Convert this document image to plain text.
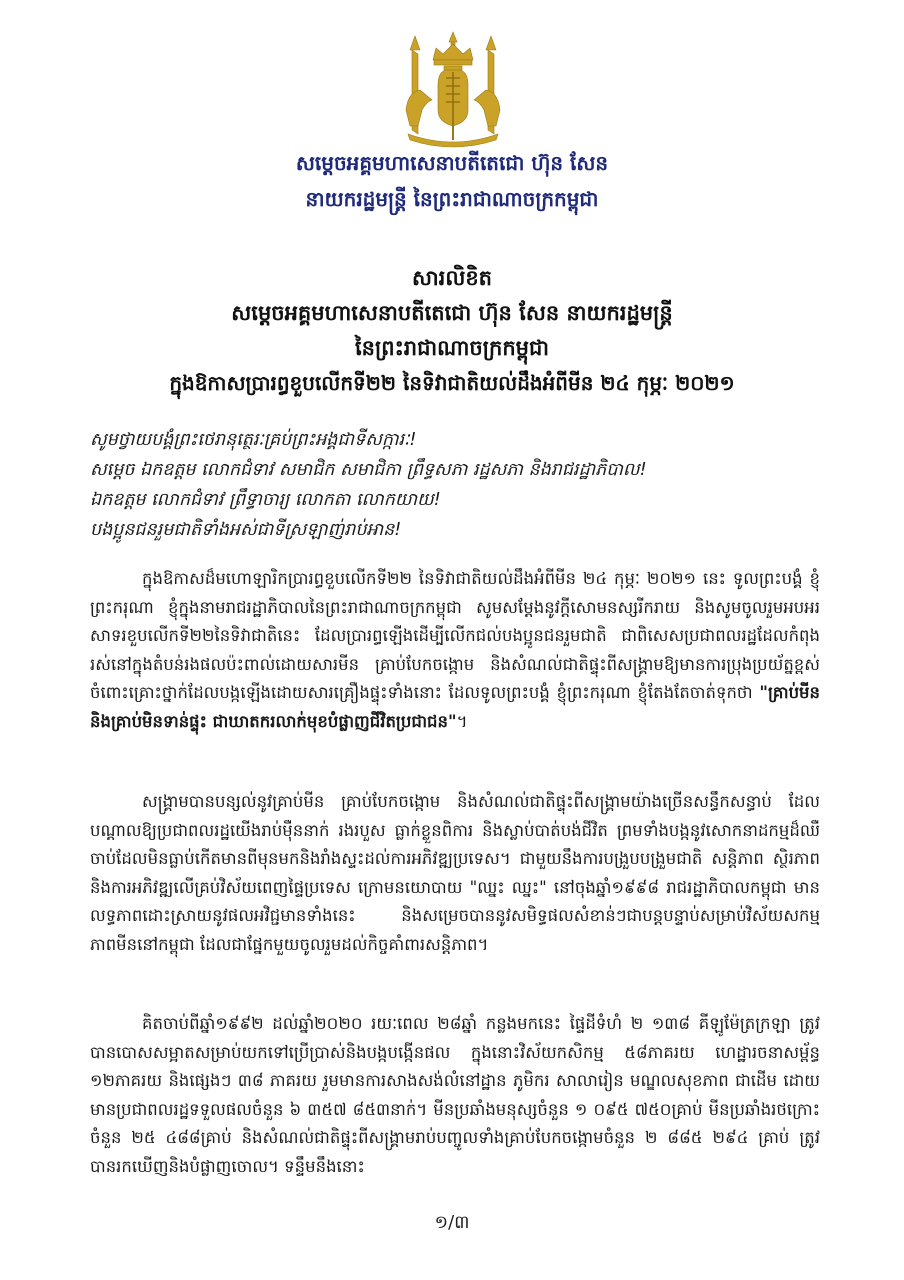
សម្តេចអគ្គមហាសេនាបតីតេជោ ហ៊ុន សែន
នាយករដ្ឋមន្ត្រី នៃព្រះរាជាណាចក្រកម្ពុជា
សារលិខិត
សម្តេចអគ្គមហាសេនាបតីតេជោ ហ៊ុន សែន នាយករដ្ឋមន្ត្រី
នៃព្រះរាជាណាចក្រកម្ពុជា
ក្នុងឱកាសប្រារព្ធខួបលើកទី២២ នៃទិវាជាតិយល់ដឹងអំពីមីន ២៤ កុម្ភៈ ២០២១
សូមថ្វាយបង្គំព្រះថេរានុត្ថេរៈគ្រប់ព្រះអង្គជាទីសក្ការៈ!
សម្តេច ឯកឧត្តម លោកជំទាវ សមាជិក សមាជិកា ព្រឹទ្ធសភា រដ្ឋសភា និងរាជរដ្ឋាភិបាល!
ឯកឧត្តម លោកជំទាវ ព្រឹទ្ធាចារ្យ លោកតា លោកយាយ!
បងប្អូនជនរួមជាតិទាំងអស់ជាទីស្រឡាញ់រាប់អាន!
ក្នុងឱកាសដ៏មហោឡារិកប្រារព្ធខួបលើកទី២២ នៃទិវាជាតិយល់ដឹងអំពីមីន ២៤ កុម្ភៈ ២០២១ នេះ ទូលព្រះបង្គំ ខ្ញុំព្រះករុណា ខ្ញុំក្នុងនាមរាជរដ្ឋាភិបាលនៃព្រះរាជាណាចក្រកម្ពុជា សូមសម្តែងនូវក្តីសោមនស្សរីករាយ និងសូមចូលរួមអបអរសាទរខួបលើកទី២២នៃទិវាជាតិនេះ ដែលប្រារព្ធឡើងដើម្បីលើកជល់បងប្អូនជនរួមជាតិ ជាពិសេសប្រជាពលរដ្ឋដែលកំពុងរស់នៅក្នុងតំបន់រងផលប៉ះពាល់ដោយសារមីន គ្រាប់បែកចង្កោម និងសំណល់ជាតិផ្ទុះពីសង្គ្រាមឱ្យមានការប្រុងប្រយ័ត្នខ្ពស់ចំពោះគ្រោះថ្នាក់ដែលបង្កឡើងដោយសារគ្រឿងផ្ទុះទាំងនោះ ដែលទូលព្រះបង្គំ ខ្ញុំព្រះករុណា ខ្ញុំតែងតែចាត់ទុកថា "គ្រាប់មីននិងគ្រាប់មិនទាន់ផ្ទុះ ជាឃាតករលាក់មុខបំផ្លាញជីវិតប្រជាជន"។
សង្គ្រាមបានបន្សល់នូវគ្រាប់មីន គ្រាប់បែកចង្កោម និងសំណល់ជាតិផ្ទុះពីសង្គ្រាមយ៉ាងច្រើនសន្ធឹកសន្ធាប់ ដែលបណ្តាលឱ្យប្រជាពលរដ្ឋយើងរាប់ម៉ឺននាក់ រងរបួស ធ្លាក់ខ្លួនពិការ និងស្លាប់បាត់បង់ជីវិត ព្រមទាំងបង្កនូវសោកនាដកម្មដ៏ឈឺចាប់ដែលមិនធ្លាប់កើតមានពីមុនមកនិងរាំងស្ទះដល់ការអភិវឌ្ឍប្រទេស។ ជាមួយនឹងការបង្រួបបង្រួមជាតិ សន្តិភាព ស្ថិរភាព និងការអភិវឌ្ឍលើគ្រប់វិស័យពេញផ្ទៃប្រទេស ក្រោមនយោបាយ "ឈ្នះ ឈ្នះ" នៅចុងឆ្នាំ១៩៩៨ រាជរដ្ឋាភិបាលកម្ពុជា មានលទ្ធភាពដោះស្រាយនូវផលអវិជ្ជមានទាំងនេះ និងសម្រេចបាននូវសមិទ្ធផលសំខាន់ៗជាបន្តបន្ទាប់សម្រាប់វិស័យសកម្មភាពមីននៅកម្ពុជា ដែលជាផ្នែកមួយចូលរួមដល់កិច្ចគាំពារសន្តិភាព។
គិតចាប់ពីឆ្នាំ១៩៩២ ដល់ឆ្នាំ២០២០ រយៈពេល ២៨ឆ្នាំ កន្លងមកនេះ ផ្ទៃដីទំហំ ២ ១៣៨ គីឡូម៉ែត្រក្រឡា ត្រូវបានបោសសម្អាតសម្រាប់យកទៅប្រើប្រាស់និងបង្កបង្កើនផល ក្នុងនោះវិស័យកសិកម្ម ៥៨ភាគរយ ហេដ្ឋារចនាសម្ព័ន្ធ ១២ភាគរយ និងផ្សេងៗ ៣៨ ភាគរយ រួមមានការសាងសង់លំនៅដ្ឋាន ភូមិករ សាលារៀន មណ្ឌលសុខភាព ជាដើម ដោយមានប្រជាពលរដ្ឋទទួលផលចំនួន ៦ ៣៥៧ ៨៥៣នាក់។ មីនប្រឆាំងមនុស្សចំនួន ១ ០៩៥ ៧៥០គ្រាប់ មីនប្រឆាំងរថក្រោះ ចំនួន ២៥ ៤៨៨គ្រាប់ និងសំណល់ជាតិផ្ទុះពីសង្គ្រាមរាប់បញ្ចូលទាំងគ្រាប់បែកចង្កោមចំនួន ២ ៨៨៥ ២៩៤ គ្រាប់ ត្រូវបានរកឃើញនិងបំផ្លាញចោល។ ទន្ទឹមនឹងនោះ
១/៣
